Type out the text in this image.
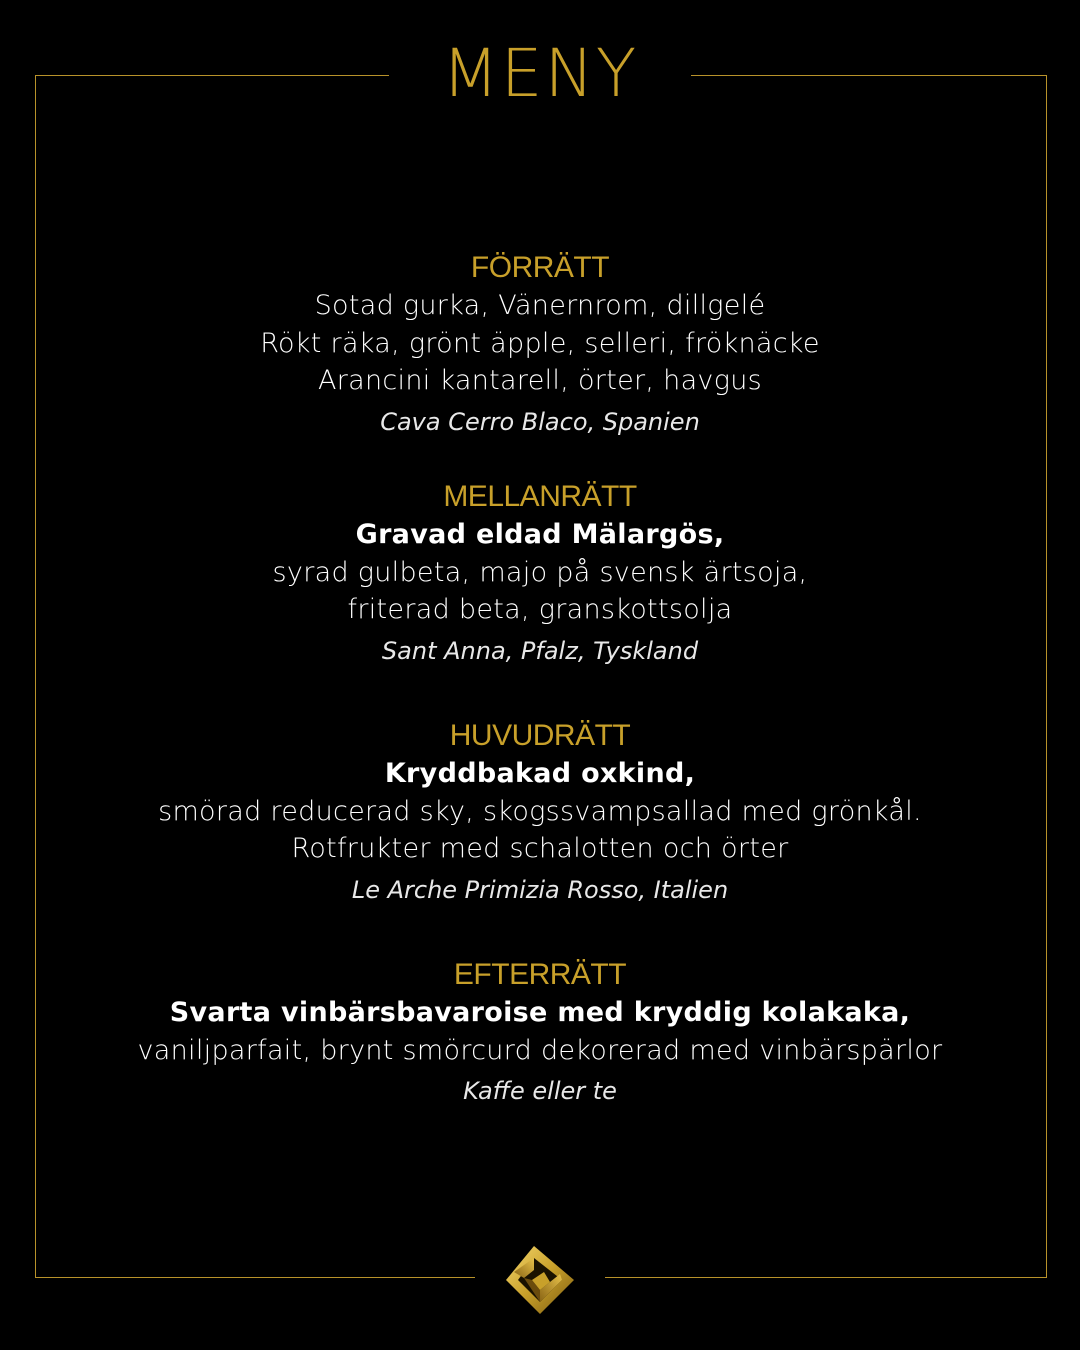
MENY
FÖRRÄTT
Sotad gurka, Vänernrom, dillgelé
Rökt räka, grönt äpple, selleri, fröknäcke
Arancini kantarell, örter, havgus
Cava Cerro Blaco, Spanien
MELLANRÄTT
Gravad eldad Mälargös,
syrad gulbeta, majo på svensk ärtsoja,
friterad beta, granskottsolja
Sant Anna, Pfalz, Tyskland
HUVUDRÄTT
Kryddbakad oxkind,
smörad reducerad sky, skogssvampsallad med grönkål.
Rotfrukter med schalotten och örter
Le Arche Primizia Rosso, Italien
EFTERRÄTT
Svarta vinbärsbavaroise med kryddig kolakaka,
vaniljparfait, brynt smörcurd dekorerad med vinbärspärlor
Kaffe eller te
